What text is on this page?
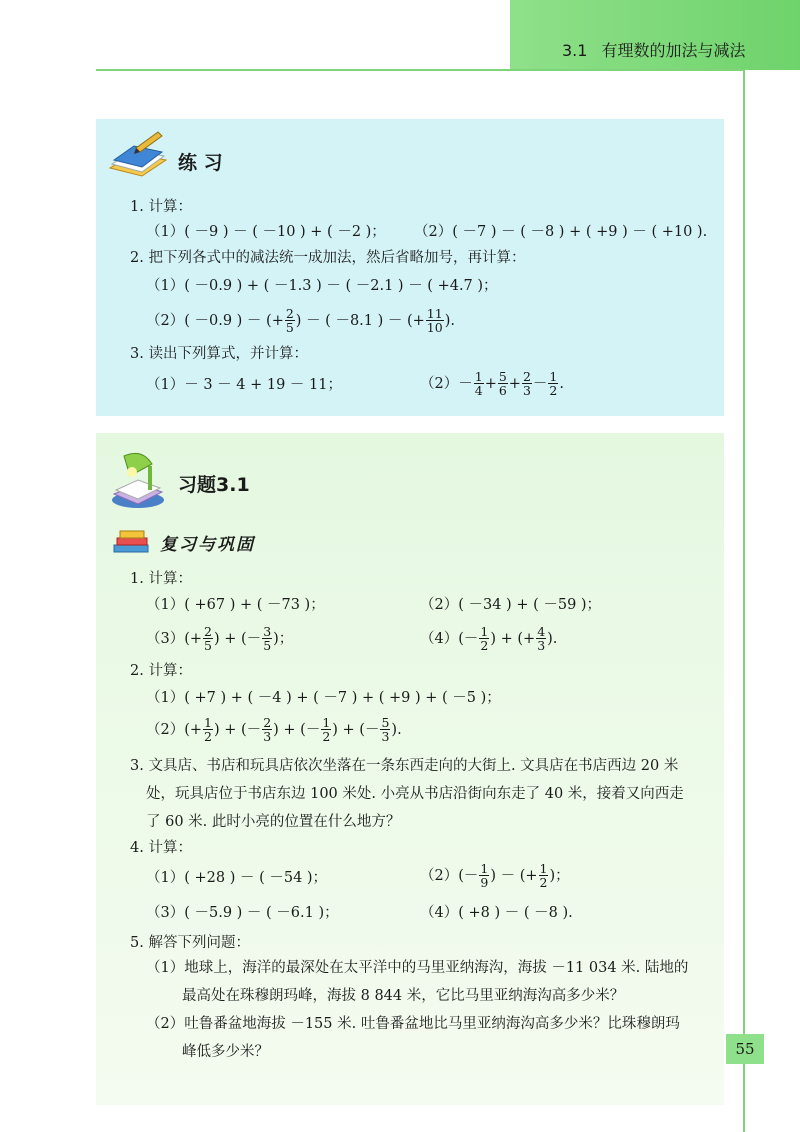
3.1 有理数的加法与减法
练 习
1. 计算：
（1）( －9 ) － ( －10 ) + ( －2 )； （2）( －7 ) － ( －8 ) + ( +9 ) － ( +10 ).
2. 把下列各式中的减法统一成加法，然后省略加号，再计算：
（1）( －0.9 ) + ( －1.3 ) － ( －2.1 ) － ( +4.7 )；
（2）( －0.9 ) － (+ $\frac{2}{5}$ ) － ( －8.1 ) － (+ $\frac{11}{10}$ ).
3. 读出下列算式，并计算：
（1）－ 3 － 4 + 19 － 11；	$(2)- \frac{1}{4} + \frac{5}{6} + \frac{2}{3} - \frac{1}{2}$ .
习题3.1
复习与巩固
1. 计算：
（1）( +67 ) + ( －73 )；	（2）( －34 ) + ( －59 )；
$(3)(+ \frac{2}{5}$ ) + (－ $\frac{3}{5}$ )；	$(4)(- \frac{1}{2}$ ) + (+ $\frac{4}{3}$ ).
2. 计算：
（1）( +7 ) + ( －4 ) + ( －7 ) + ( +9 ) + ( －5 )；
$(2)(+ \frac{1}{2}$ ) + (－ $\frac{2}{3}$ ) + (－ $\frac{1}{2}$ ) + (－ $\frac{5}{3}$ ).
3. 文具店、书店和玩具店依次坐落在一条东西走向的大街上. 文具店在书店西边 20 米
处，玩具店位于书店东边 100 米处. 小亮从书店沿街向东走了 40 米，接着又向西走
了 60 米. 此时小亮的位置在什么地方？
4. 计算：
（1）( +28 ) － ( －54 )；	$(2)(- \frac{1}{9}$ ) － (+ $\frac{1}{2}$ )；
（3）( －5.9 ) － ( －6.1 )；	（4）( +8 ) － ( －8 ).
5. 解答下列问题：
（1）地球上，海洋的最深处在太平洋中的马里亚纳海沟，海拔 －11 034 米. 陆地的
最高处在珠穆朗玛峰，海拔 8 844 米，它比马里亚纳海沟高多少米？
（2）吐鲁番盆地海拔 －155 米. 吐鲁番盆地比马里亚纳海沟高多少米？比珠穆朗玛
峰低多少米？	55
